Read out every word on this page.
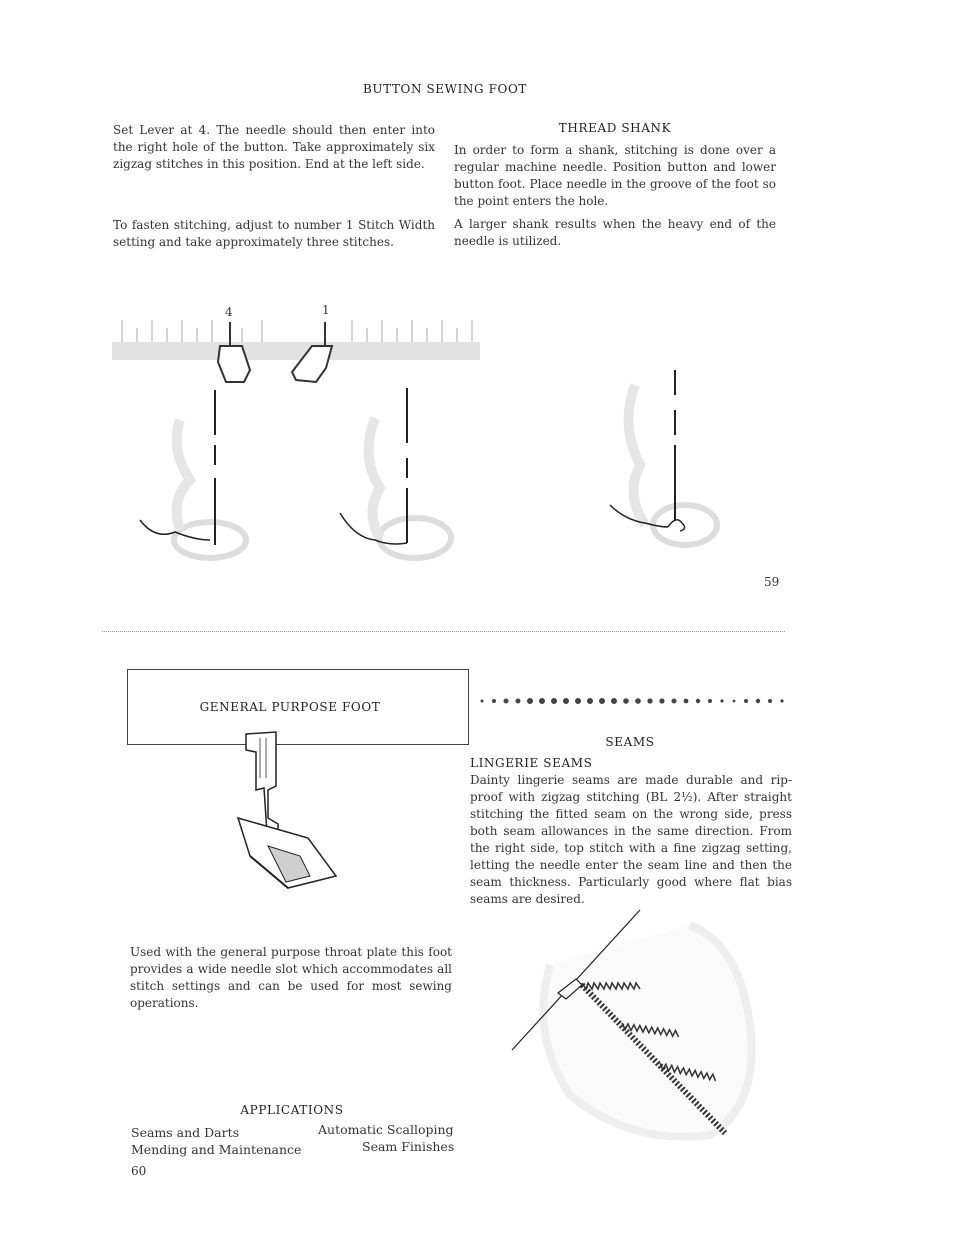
BUTTON SEWING FOOT
Set Lever at 4. The needle should then enter into the right hole of the button. Take approximately six zigzag stitches in this position. End at the left side.
To fasten stitching, adjust to number 1 Stitch Width setting and take approximately three stitches.
THREAD SHANK
In order to form a shank, stitching is done over a regular machine needle. Position button and lower button foot. Place needle in the groove of the foot so the point enters the hole.
A larger shank results when the heavy end of the needle is utilized.
4	1
59
GENERAL PURPOSE FOOT
Used with the general purpose throat plate this foot provides a wide needle slot which accommodates all stitch settings and can be used for most sewing operations.
APPLICATIONS
Seams and Darts	Automatic Scalloping
Mending and Maintenance	Seam Finishes
60
SEAMS
LINGERIE SEAMS
Dainty lingerie seams are made durable and rip-proof with zigzag stitching (BL 2½). After straight stitching the fitted seam on the wrong side, press both seam allowances in the same direction. From the right side, top stitch with a fine zigzag setting, letting the needle enter the seam line and then the seam thickness. Particularly good where flat bias seams are desired.
